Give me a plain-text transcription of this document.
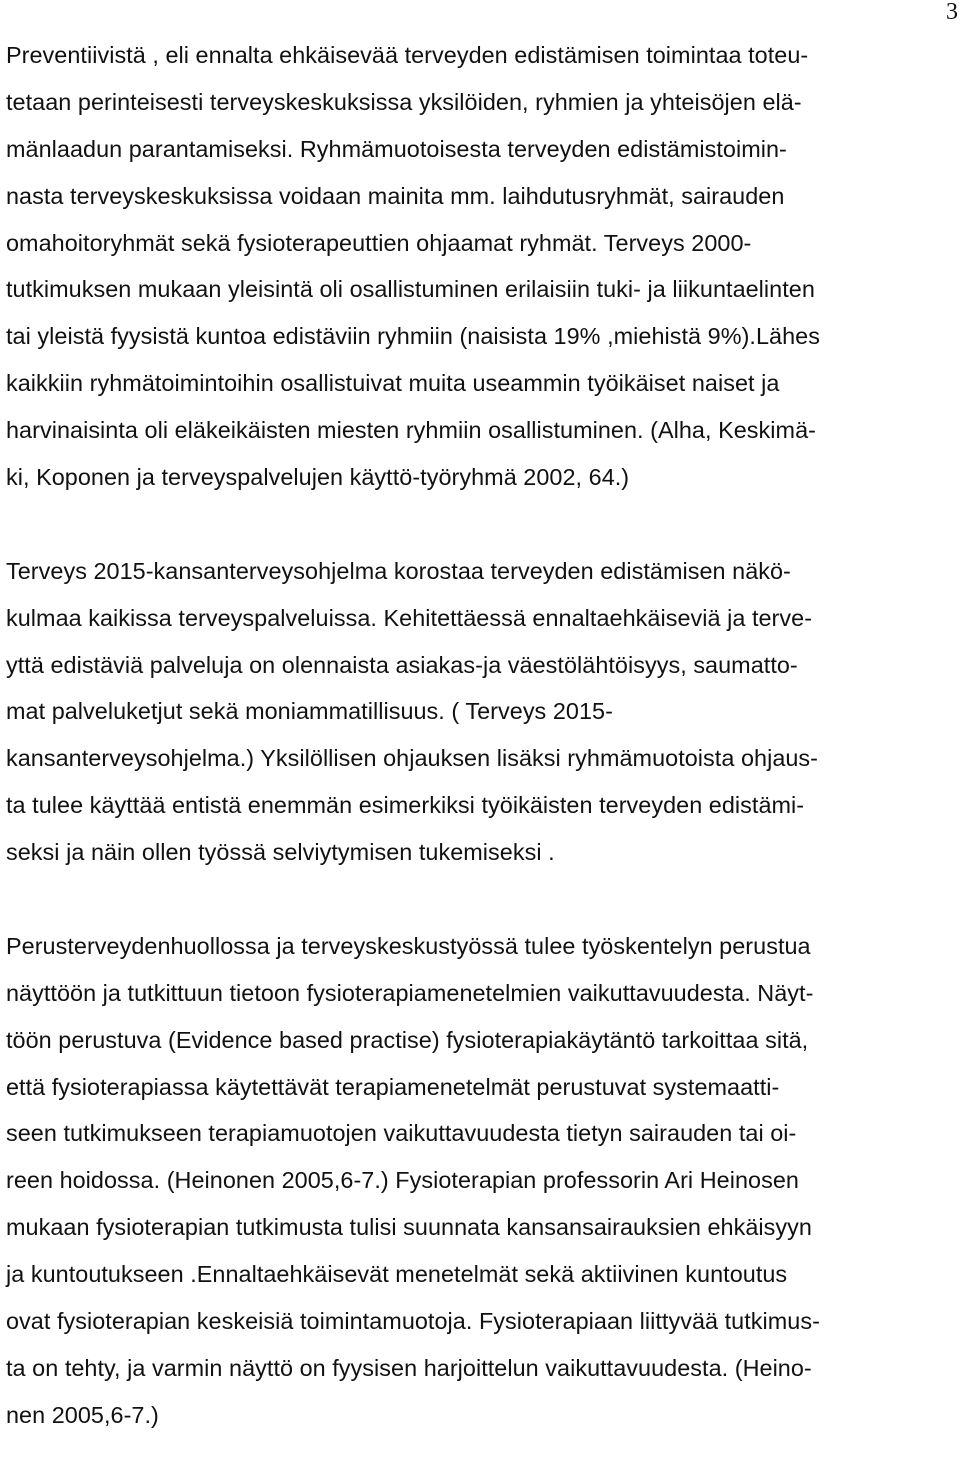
3
Preventiivistä , eli ennalta ehkäisevää terveyden edistämisen toimintaa toteu-
tetaan perinteisesti terveyskeskuksissa yksilöiden, ryhmien ja yhteisöjen elä-
mänlaadun parantamiseksi. Ryhmämuotoisesta terveyden edistämistoimin-
nasta terveyskeskuksissa voidaan mainita mm. laihdutusryhmät, sairauden
omahoitoryhmät sekä fysioterapeuttien ohjaamat ryhmät. Terveys 2000-
tutkimuksen mukaan yleisintä oli osallistuminen erilaisiin tuki- ja liikuntaelinten
tai yleistä fyysistä kuntoa edistäviin ryhmiin (naisista 19% ,miehistä 9%).Lähes
kaikkiin ryhmätoimintoihin osallistuivat muita useammin työikäiset naiset ja
harvinaisinta oli eläkeikäisten miesten ryhmiin osallistuminen. (Alha, Keskimä-
ki, Koponen ja terveyspalvelujen käyttö-työryhmä 2002, 64.)
Terveys 2015-kansanterveysohjelma korostaa terveyden edistämisen näkö-
kulmaa kaikissa terveyspalveluissa. Kehitettäessä ennaltaehkäiseviä ja terve-
yttä edistäviä palveluja on olennaista asiakas-ja väestölähtöisyys, saumatto-
mat palveluketjut sekä moniammatillisuus. ( Terveys 2015-
kansanterveysohjelma.) Yksilöllisen ohjauksen lisäksi ryhmämuotoista ohjaus-
ta tulee käyttää entistä enemmän esimerkiksi työikäisten terveyden edistämi-
seksi ja näin ollen työssä selviytymisen tukemiseksi .
Perusterveydenhuollossa ja terveyskeskustyössä tulee työskentelyn perustua
näyttöön ja tutkittuun tietoon fysioterapiamenetelmien vaikuttavuudesta. Näyt-
töön perustuva (Evidence based practise) fysioterapiakäytäntö tarkoittaa sitä,
että fysioterapiassa käytettävät terapiamenetelmät perustuvat systemaatti-
seen tutkimukseen terapiamuotojen vaikuttavuudesta tietyn sairauden tai oi-
reen hoidossa. (Heinonen 2005,6-7.) Fysioterapian professorin Ari Heinosen
mukaan fysioterapian tutkimusta tulisi suunnata kansansairauksien ehkäisyyn
ja kuntoutukseen .Ennaltaehkäisevät menetelmät sekä aktiivinen kuntoutus
ovat fysioterapian keskeisiä toimintamuotoja. Fysioterapiaan liittyvää tutkimus-
ta on tehty, ja varmin näyttö on fyysisen harjoittelun vaikuttavuudesta. (Heino-
nen 2005,6-7.)
